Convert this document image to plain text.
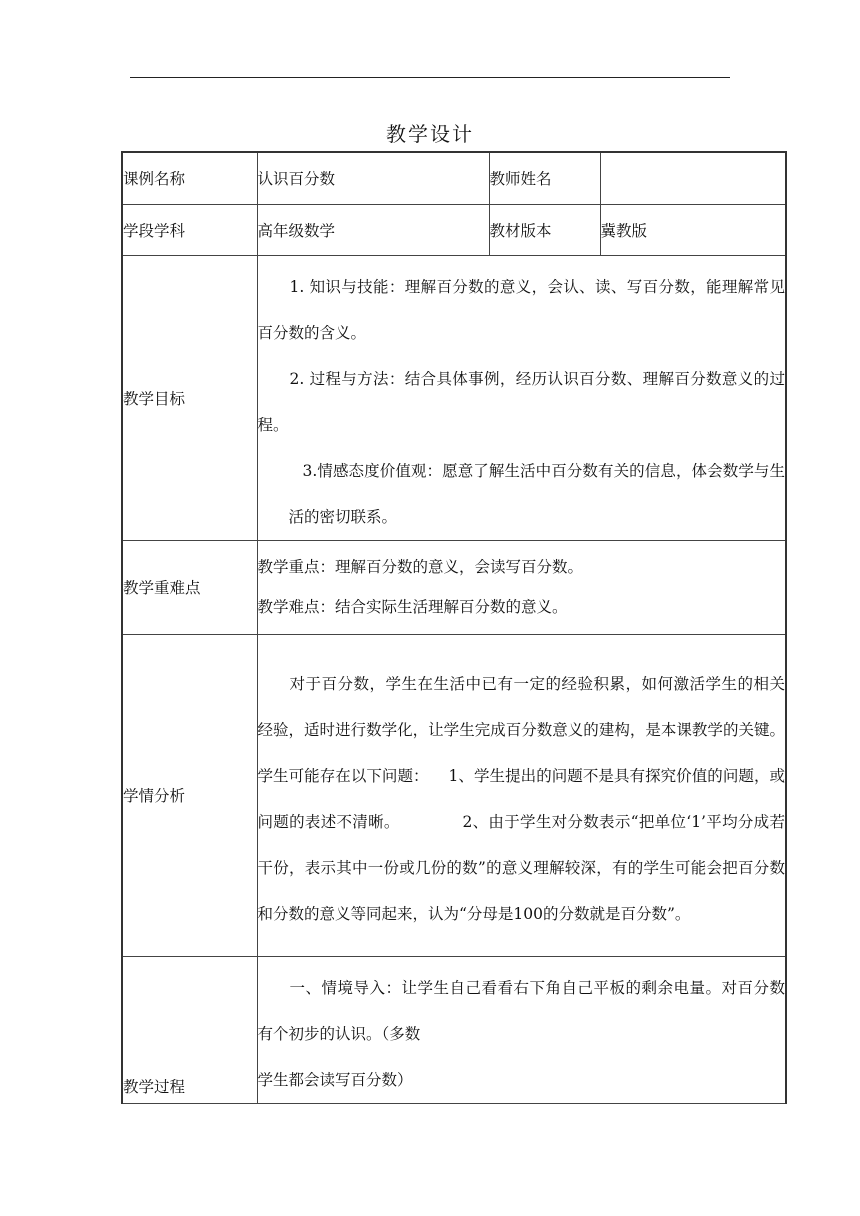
教学设计
课例名称	认识百分数	教师姓名	
学段学科	高年级数学	教材版本	冀教版
教学目标	1. 知识与技能：理解百分数的意义，会认、读、写百分数，能理解常见百分数的含义。

2. 过程与方法：结合具体事例，经历认识百分数、理解百分数意义的过程。

3.情感态度价值观：愿意了解生活中百分数有关的信息，体会数学与生活的密切联系。		

教学重难点	教学重点：理解百分数的意义，会读写百分数。

教学难点：结合实际生活理解百分数的意义。		

学情分析	对于百分数，学生在生活中已有一定的经验积累，如何激活学生的相关经验，适时进行数学化，让学生完成百分数意义的建构，是本课教学的关键。学生可能存在以下问题：    1、学生提出的问题不是具有探究价值的问题，或问题的表述不清晰。            2、由于学生对分数表示“把单位‘1’平均分成若干份，表示其中一份或几份的数”的意义理解较深，有的学生可能会把百分数和分数的意义等同起来，认为“分母是100的分数就是百分数”。		

教学过程	一、情境导入：让学生自己看看右下角自己平板的剩余电量。对百分数有个初步的认识。（多数

学生都会读写百分数）		
